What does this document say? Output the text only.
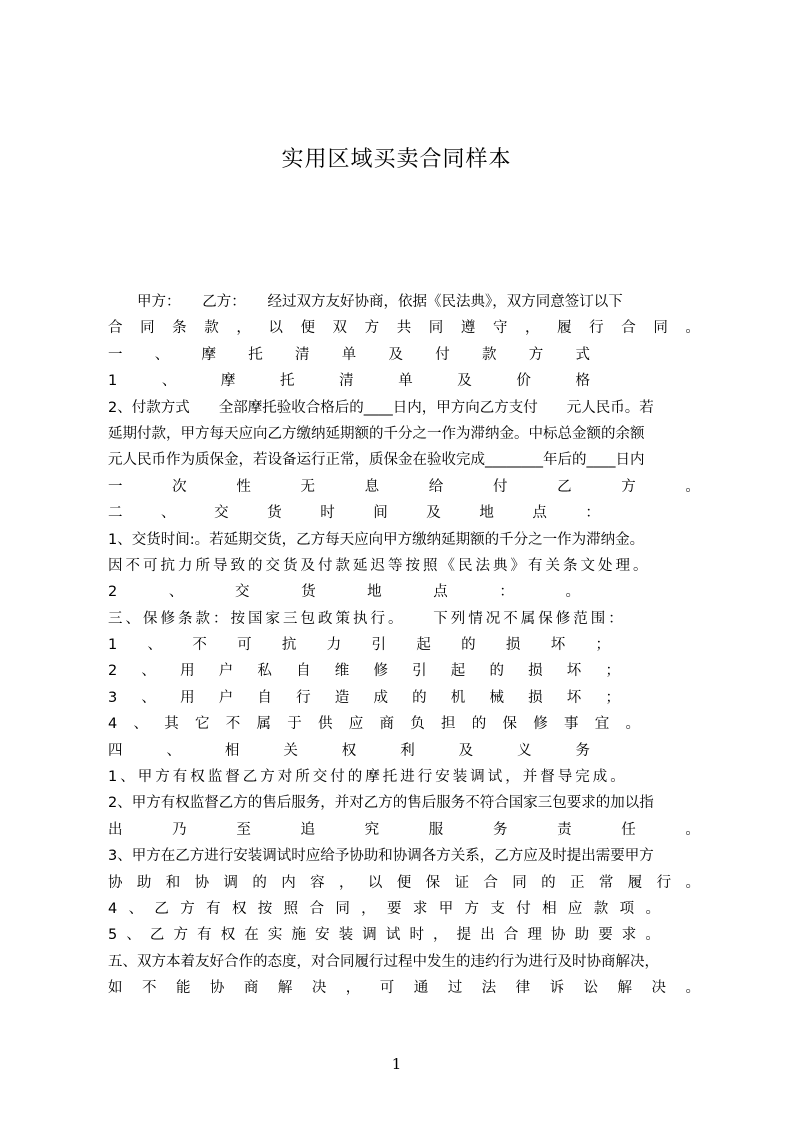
实用区域买卖合同样本
　　甲方：　　乙方：　　经过双方友好协商，依据《民法典》，双方同意签订以下
合 同 条 款 ， 以 便 双 方 共 同 遵 守 ， 履 行 合 同 。
一 、 摩 托 清 单 及 付 款 方 式
1	、	摩	托	清	单	及	价	格
2、付款方式　　全部摩托验收合格后的____日内，甲方向乙方支付　　元人民币。若
延期付款，甲方每天应向乙方缴纳延期额的千分之一作为滞纳金。中标总金额的余额
元人民币作为质保金，若设备运行正常，质保金在验收完成________年后的____日内
一	次	性	无	息	给	付	乙	方	。
二	、	交	货	时	间	及	地	点	：
1、交货时间:。若延期交货，乙方每天应向甲方缴纳延期额的千分之一作为滞纳金。
因不可抗力所导致的交货及付款延迟等按照《民法典》有关条文处理。
2	、	交	货	地	点	：	。
三、保修条款：按国家三包政策执行。　　下列情况不属保修范围：
1 、 不 可 抗 力 引 起 的 损 坏 ；
2 、 用 户 私 自 维 修 引 起 的 损 坏 ；
3 、 用 户 自 行 造 成 的 机 械 损 坏 ；
4 、 其 它 不 属 于 供 应 商 负 担 的 保 修 事 宜 。
四	、	相	关	权	利	及	义	务
1、甲方有权监督乙方对所交付的摩托进行安装调试，并督导完成。
2、甲方有权监督乙方的售后服务，并对乙方的售后服务不符合国家三包要求的加以指
出	乃	至	追	究	服	务	责	任	。
3、甲方在乙方进行安装调试时应给予协助和协调各方关系，乙方应及时提出需要甲方
协 助 和 协 调 的 内 容 ， 以 便 保 证 合 同 的 正 常 履 行 。
4 、 乙 方 有 权 按 照 合 同 ， 要 求 甲 方 支 付 相 应 款 项 。
5 、 乙 方 有 权 在 实 施 安 装 调 试 时 ， 提 出 合 理 协 助 要 求 。
五、双方本着友好合作的态度，对合同履行过程中发生的违约行为进行及时协商解决，
如 不 能 协 商 解 决 ， 可 通 过 法 律 诉 讼 解 决 。
1
